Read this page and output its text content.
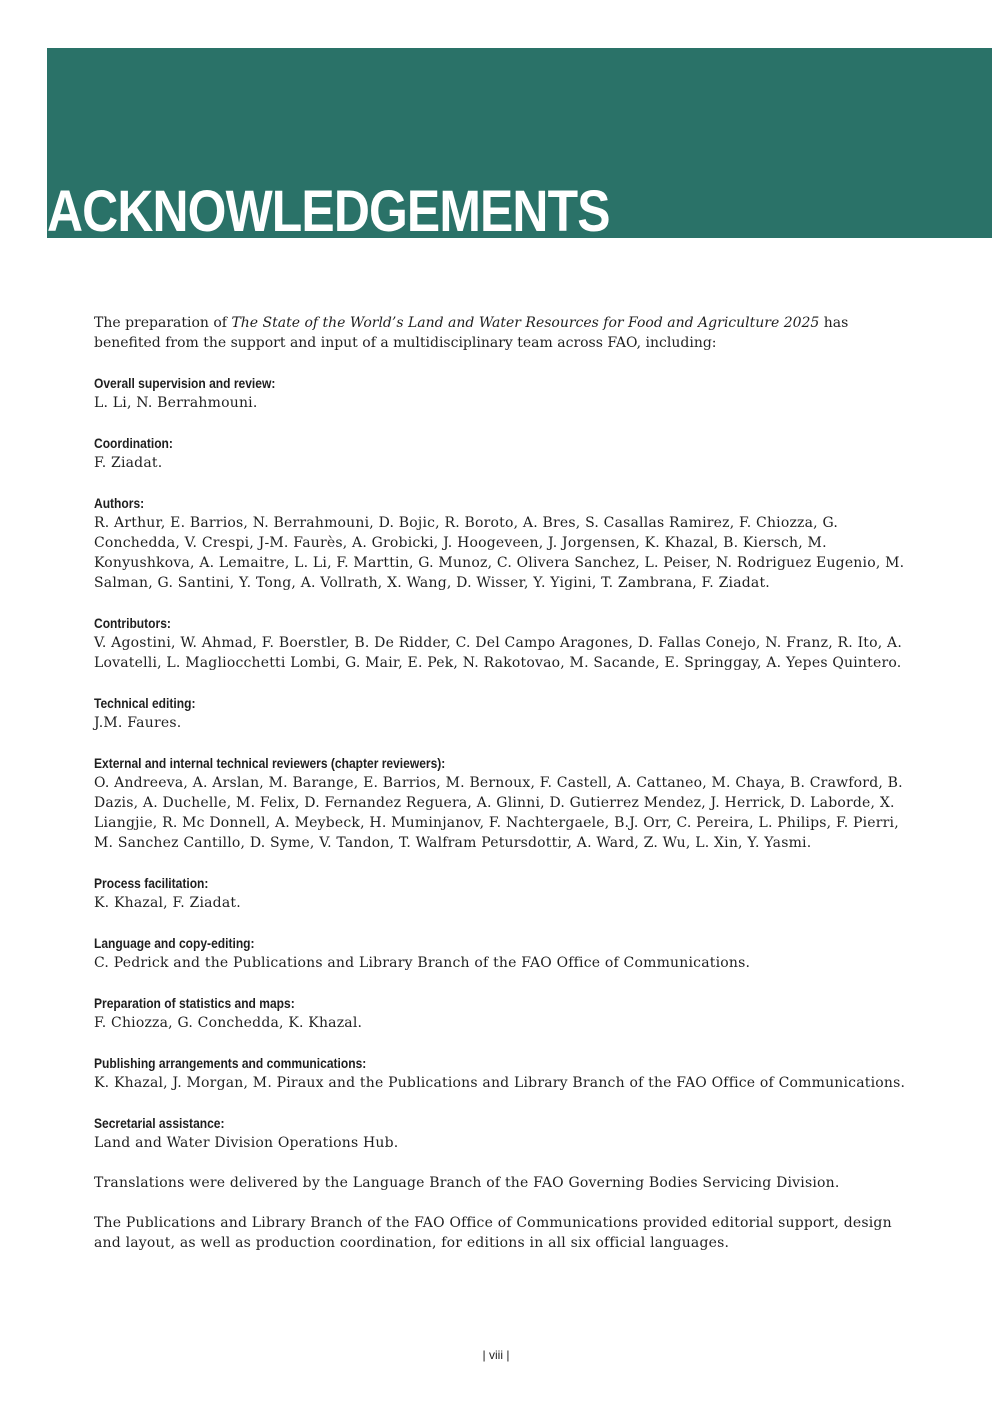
ACKNOWLEDGEMENTS

The preparation of The State of the World’s Land and Water Resources for Food and Agriculture 2025 has benefited from the support and input of a multidisciplinary team across FAO, including:

Overall supervision and review:
L. Li, N. Berrahmouni.
Coordination:
F. Ziadat.
Authors:
R. Arthur, E. Barrios, N. Berrahmouni, D. Bojic, R. Boroto, A. Bres, S. Casallas Ramirez, F. Chiozza, G. Conchedda, V. Crespi, J-M. Faurès, A. Grobicki, J. Hoogeveen, J. Jorgensen, K. Khazal, B. Kiersch, M. Konyushkova, A. Lemaitre, L. Li, F. Marttin, G. Munoz, C. Olivera Sanchez, L. Peiser, N. Rodriguez Eugenio, M. Salman, G. Santini, Y. Tong, A. Vollrath, X. Wang, D. Wisser, Y. Yigini, T. Zambrana, F. Ziadat.
Contributors:
V. Agostini, W. Ahmad, F. Boerstler, B. De Ridder, C. Del Campo Aragones, D. Fallas Conejo, N. Franz, R. Ito, A. Lovatelli, L. Magliocchetti Lombi, G. Mair, E. Pek, N. Rakotovao, M. Sacande, E. Springgay, A. Yepes Quintero.
Technical editing:
J.M. Faures.
External and internal technical reviewers (chapter reviewers):
O. Andreeva, A. Arslan, M. Barange, E. Barrios, M. Bernoux, F. Castell, A. Cattaneo, M. Chaya, B. Crawford, B. Dazis, A. Duchelle, M. Felix, D. Fernandez Reguera, A. Glinni, D. Gutierrez Mendez, J. Herrick, D. Laborde, X. Liangjie, R. Mc Donnell, A. Meybeck, H. Muminjanov, F. Nachtergaele, B.J. Orr, C. Pereira, L. Philips, F. Pierri, M. Sanchez Cantillo, D. Syme, V. Tandon, T. Walfram Petursdottir, A. Ward, Z. Wu, L. Xin, Y. Yasmi.
Process facilitation:
K. Khazal, F. Ziadat.
Language and copy-editing:
C. Pedrick and the Publications and Library Branch of the FAO Office of Communications.
Preparation of statistics and maps:
F. Chiozza, G. Conchedda, K. Khazal.
Publishing arrangements and communications:
K. Khazal, J. Morgan, M. Piraux and the Publications and Library Branch of the FAO Office of Communications.
Secretarial assistance:
Land and Water Division Operations Hub.

Translations were delivered by the Language Branch of the FAO Governing Bodies Servicing Division.

The Publications and Library Branch of the FAO Office of Communications provided editorial support, design and layout, as well as production coordination, for editions in all six official languages.

| viii |
